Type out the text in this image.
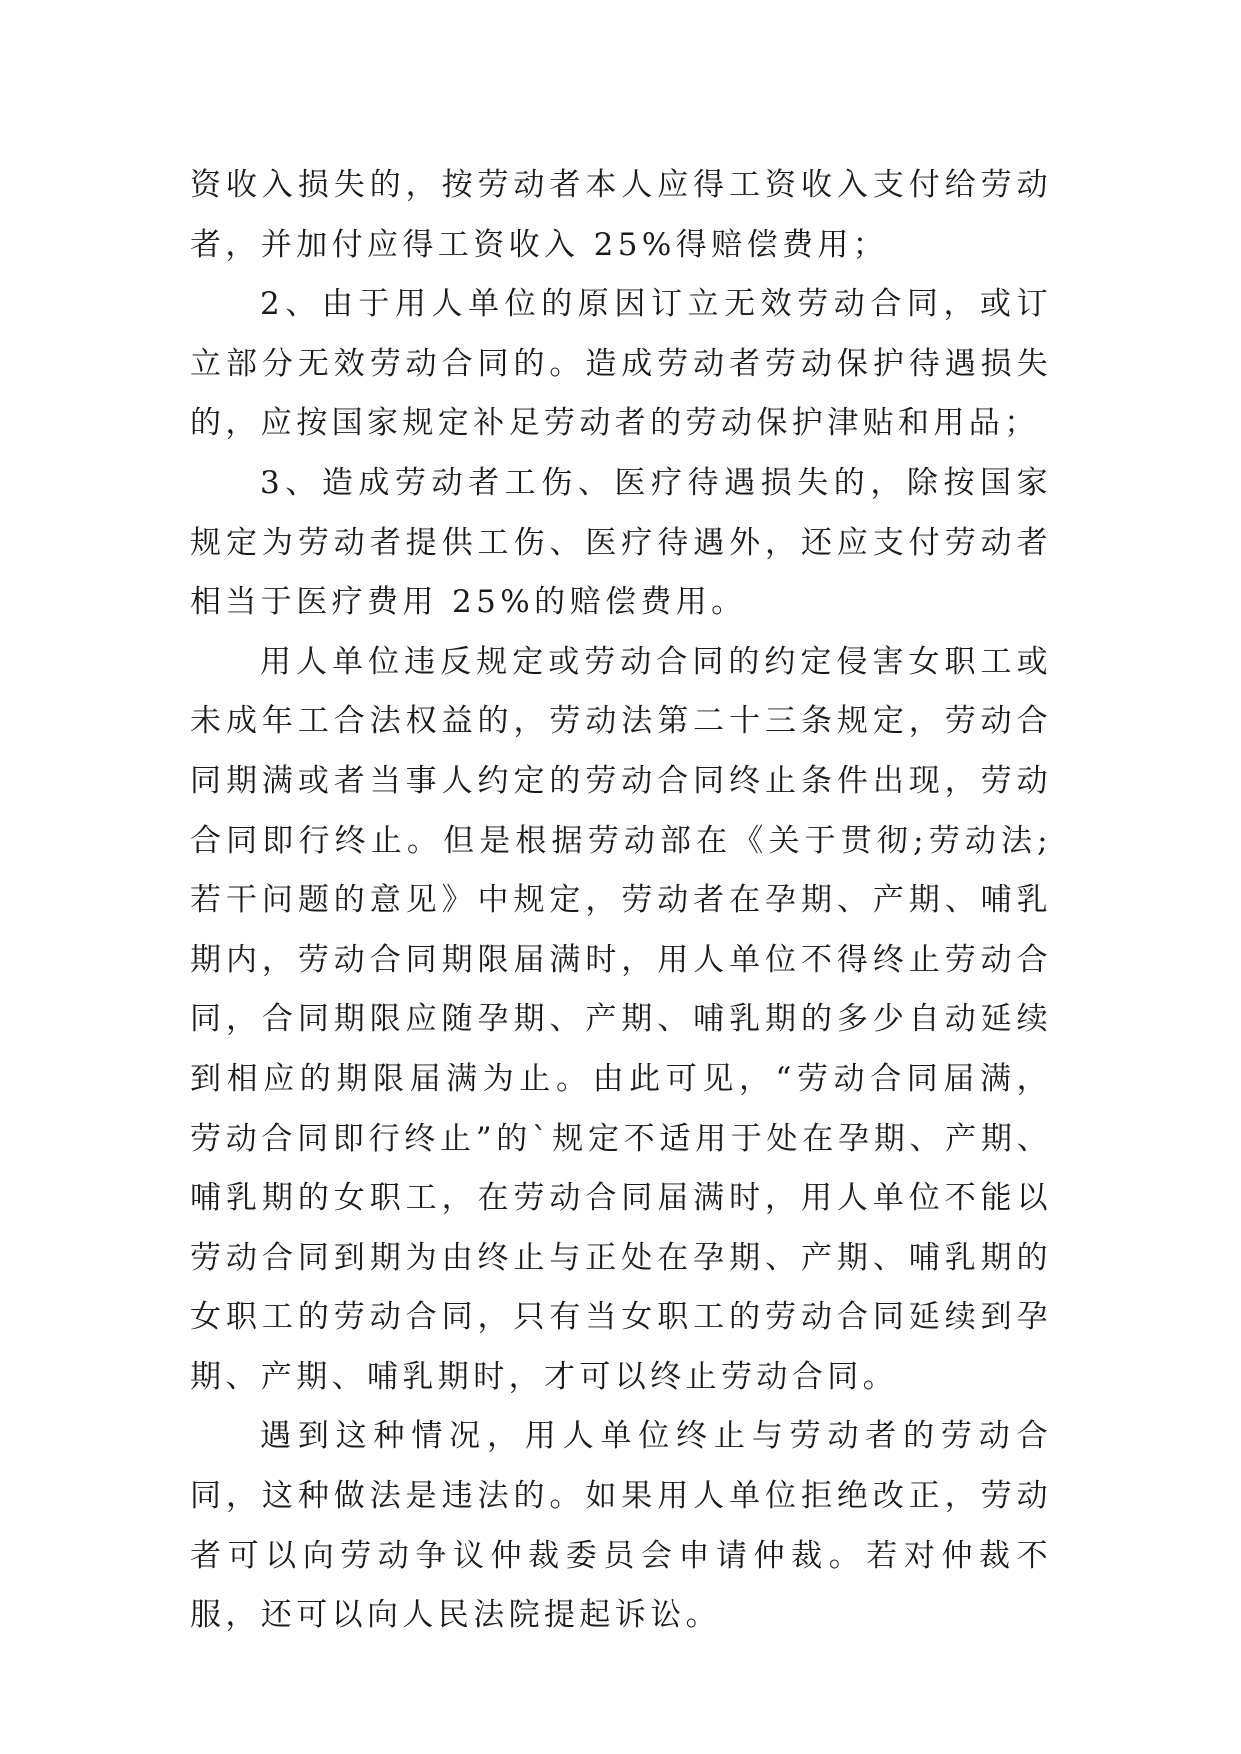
资收入损失的，按劳动者本人应得工资收入支付给劳动者，并加付应得工资收入 25%得赔偿费用；

2、由于用人单位的原因订立无效劳动合同，或订立部分无效劳动合同的。造成劳动者劳动保护待遇损失的，应按国家规定补足劳动者的劳动保护津贴和用品；

3、造成劳动者工伤、医疗待遇损失的，除按国家规定为劳动者提供工伤、医疗待遇外，还应支付劳动者相当于医疗费用 25%的赔偿费用。

用人单位违反规定或劳动合同的约定侵害女职工或未成年工合法权益的，劳动法第二十三条规定，劳动合同期满或者当事人约定的劳动合同终止条件出现，劳动合同即行终止。但是根据劳动部在《关于贯彻;劳动法;若干问题的意见》中规定，劳动者在孕期、产期、哺乳期内，劳动合同期限届满时，用人单位不得终止劳动合同，合同期限应随孕期、产期、哺乳期的多少自动延续到相应的期限届满为止。由此可见，“劳动合同届满，劳动合同即行终止”的`规定不适用于处在孕期、产期、哺乳期的女职工，在劳动合同届满时，用人单位不能以劳动合同到期为由终止与正处在孕期、产期、哺乳期的女职工的劳动合同，只有当女职工的劳动合同延续到孕期、产期、哺乳期时，才可以终止劳动合同。

遇到这种情况，用人单位终止与劳动者的劳动合同，这种做法是违法的。如果用人单位拒绝改正，劳动者可以向劳动争议仲裁委员会申请仲裁。若对仲裁不服，还可以向人民法院提起诉讼。
